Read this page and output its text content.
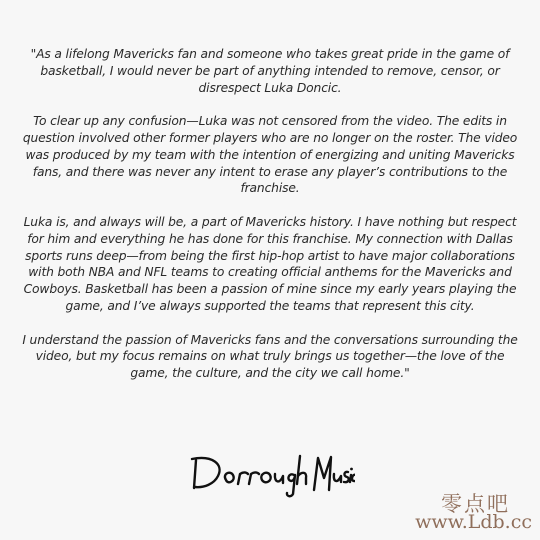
"As a lifelong Mavericks fan and someone who takes great pride in the game of basketball, I would never be part of anything intended to remove, censor, or disrespect Luka Doncic.

To clear up any confusion—Luka was not censored from the video. The edits in question involved other former players who are no longer on the roster. The video was produced by my team with the intention of energizing and uniting Mavericks fans, and there was never any intent to erase any player’s contributions to the franchise.

Luka is, and always will be, a part of Mavericks history. I have nothing but respect for him and everything he has done for this franchise. My connection with Dallas sports runs deep—from being the first hip-hop artist to have major collaborations with both NBA and NFL teams to creating official anthems for the Mavericks and Cowboys. Basketball has been a passion of mine since my early years playing the game, and I’ve always supported the teams that represent this city.

I understand the passion of Mavericks fans and the conversations surrounding the video, but my focus remains on what truly brings us together—the love of the game, the culture, and the city we call home."

零点吧
www.Ldb.cc
